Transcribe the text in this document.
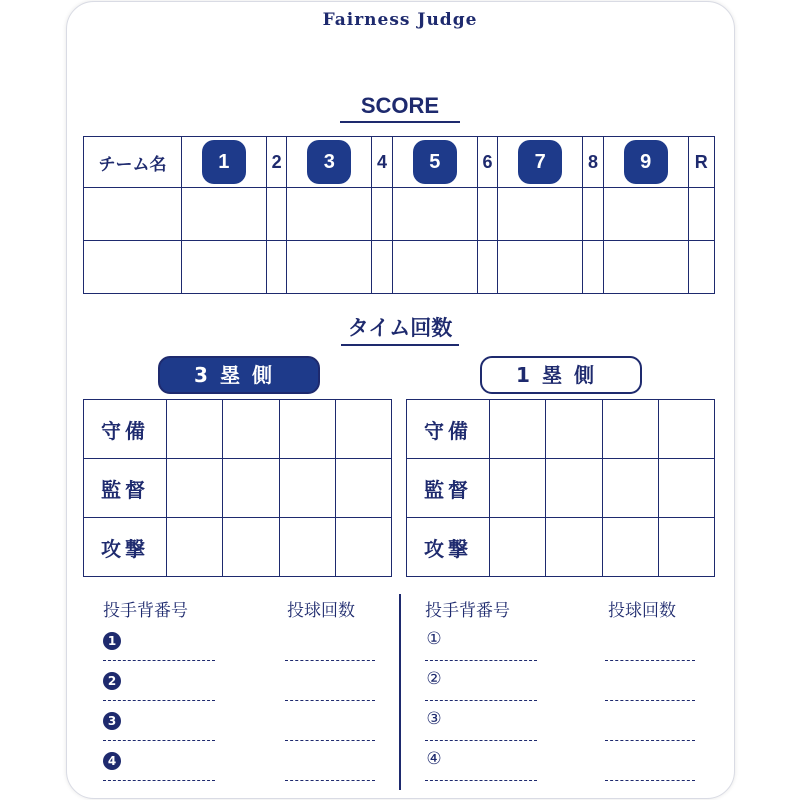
Fairness Judge
SCORE
チーム名	1	2	3	4	5	6	7	8	9	R

タイム回数
3塁側	1塁側
守備				
監督				
攻撃				
守備				
監督				
攻撃				
投手背番号	投球回数	投手背番号	投球回数
1
2
3
4
①
②
③
④
